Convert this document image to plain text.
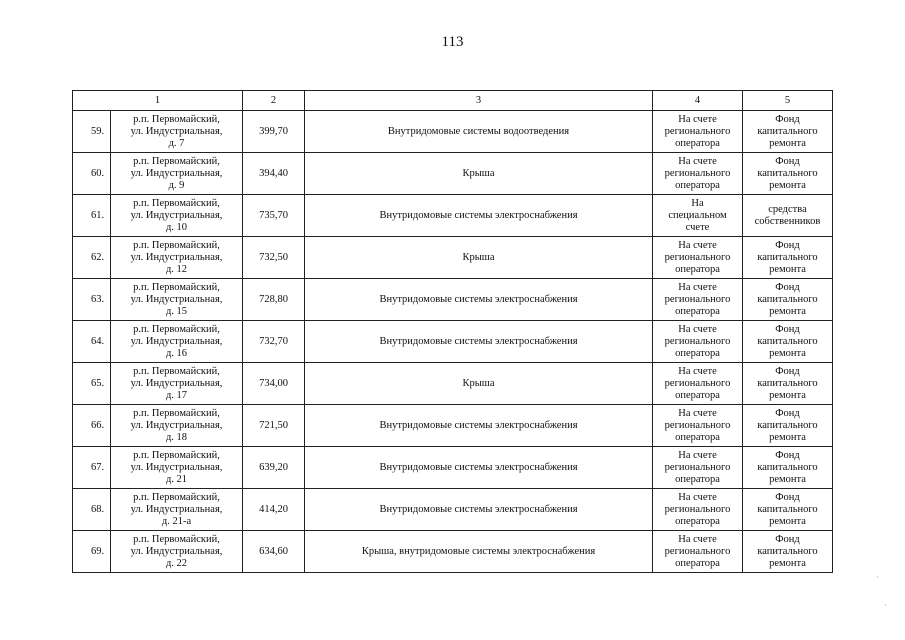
113
1		2	3	4	5
59.	р.п. Первомайский,
ул. Индустриальная,
д. 7	399,70	Внутридомовые системы водоотведения	На счете
регионального
оператора	Фонд
капитального
ремонта

60.	р.п. Первомайский,
ул. Индустриальная,
д. 9	394,40	Крыша	На счете
регионального
оператора	Фонд
капитального
ремонта

61.	р.п. Первомайский,
ул. Индустриальная,
д. 10	735,70	Внутридомовые системы электроснабжения	На
специальном
счете	средства
собственников

62.	р.п. Первомайский,
ул. Индустриальная,
д. 12	732,50	Крыша	На счете
регионального
оператора	Фонд
капитального
ремонта

63.	р.п. Первомайский,
ул. Индустриальная,
д. 15	728,80	Внутридомовые системы электроснабжения	На счете
регионального
оператора	Фонд
капитального
ремонта

64.	р.п. Первомайский,
ул. Индустриальная,
д. 16	732,70	Внутридомовые системы электроснабжения	На счете
регионального
оператора	Фонд
капитального
ремонта

65.	р.п. Первомайский,
ул. Индустриальная,
д. 17	734,00	Крыша	На счете
регионального
оператора	Фонд
капитального
ремонта

66.	р.п. Первомайский,
ул. Индустриальная,
д. 18	721,50	Внутридомовые системы электроснабжения	На счете
регионального
оператора	Фонд
капитального
ремонта

67.	р.п. Первомайский,
ул. Индустриальная,
д. 21	639,20	Внутридомовые системы электроснабжения	На счете
регионального
оператора	Фонд
капитального
ремонта

68.	р.п. Первомайский,
ул. Индустриальная,
д. 21-а	414,20	Внутридомовые системы электроснабжения	На счете
регионального
оператора	Фонд
капитального
ремонта

69.	р.п. Первомайский,
ул. Индустриальная,
д. 22	634,60	Крыша, внутридомовые системы электроснабжения	На счете
регионального
оператора	Фонд
капитального
ремонта
·
·
